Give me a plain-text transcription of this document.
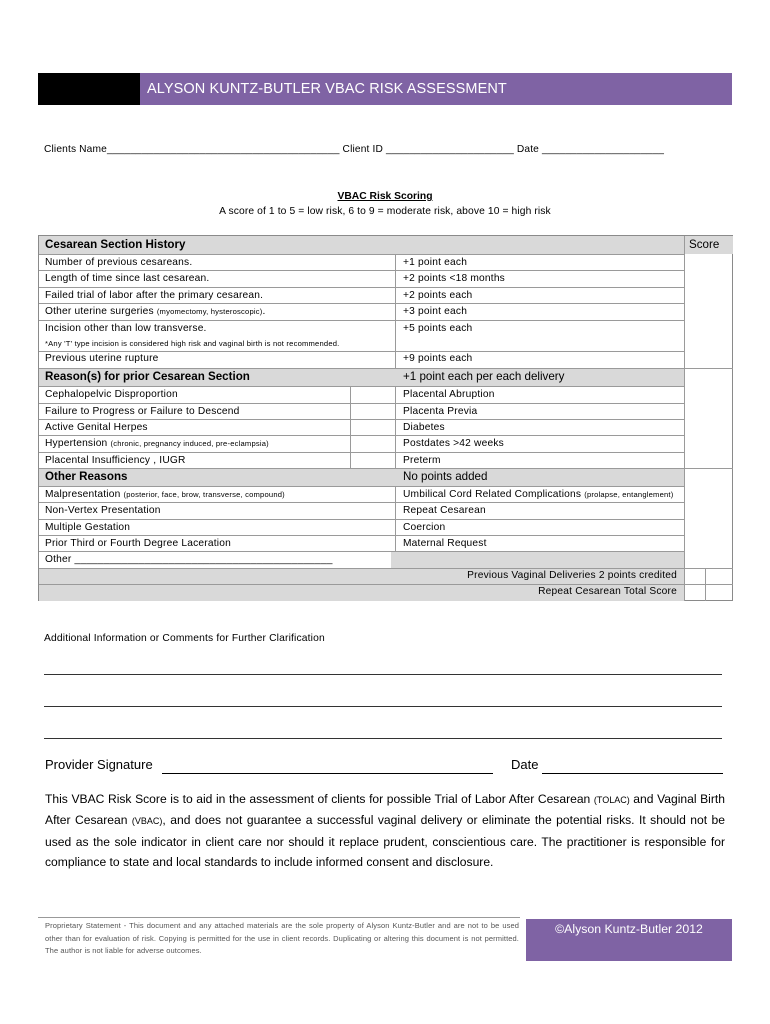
ALYSON KUNTZ-BUTLER VBAC RISK ASSESSMENT
Clients Name________________________________________ Client ID ______________________ Date _____________________
VBAC Risk Scoring
A score of 1 to 5 = low risk, 6 to 9 = moderate risk, above 10 = high risk
Cesarean Section History	Score
Number of previous cesareans.	+1 point each
Length of time since last cesarean.	+2 points <18 months
Failed trial of labor after the primary cesarean.	+2 points each
Other uterine surgeries (myomectomy, hysteroscopic).	+3 point each
Incision other than low transverse.	+5 points each
*Any 'T' type incision is considered high risk and vaginal birth is not recommended.
Previous uterine rupture	+9 points each
Reason(s) for prior Cesarean Section	+1 point each per each delivery
Cephalopelvic Disproportion	Placental Abruption
Failure to Progress or Failure to Descend	Placenta Previa
Active Genital Herpes	Diabetes
Hypertension (chronic, pregnancy induced, pre-eclampsia)	Postdates >42 weeks
Placental Insufficiency , IUGR	Preterm
Other Reasons	No points added
Malpresentation (posterior, face, brow, transverse, compound)	Umbilical Cord Related Complications (prolapse, entanglement)
Non-Vertex Presentation	Repeat Cesarean
Multiple Gestation	Coercion
Prior Third or Fourth Degree Laceration	Maternal Request
Other ____________________________________________
Previous Vaginal Deliveries 2 points credited
Repeat Cesarean Total Score
Additional Information or Comments for Further Clarification
Provider Signature	Date
This VBAC Risk Score is to aid in the assessment of clients for possible Trial of Labor After Cesarean (TOLAC) and Vaginal Birth After Cesarean (VBAC), and does not guarantee a successful vaginal delivery or eliminate the potential risks. It should not be used as the sole indicator in client care nor should it replace prudent, conscientious care. The practitioner is responsible for compliance to state and local standards to include informed consent and disclosure.
Proprietary Statement - This document and any attached materials are the sole property of Alyson Kuntz-Butler and are not to be used other than for evaluation of risk. Copying is permitted for the use in client records. Duplicating or altering this document is not permitted. The author is not liable for adverse outcomes.
©Alyson Kuntz-Butler 2012
